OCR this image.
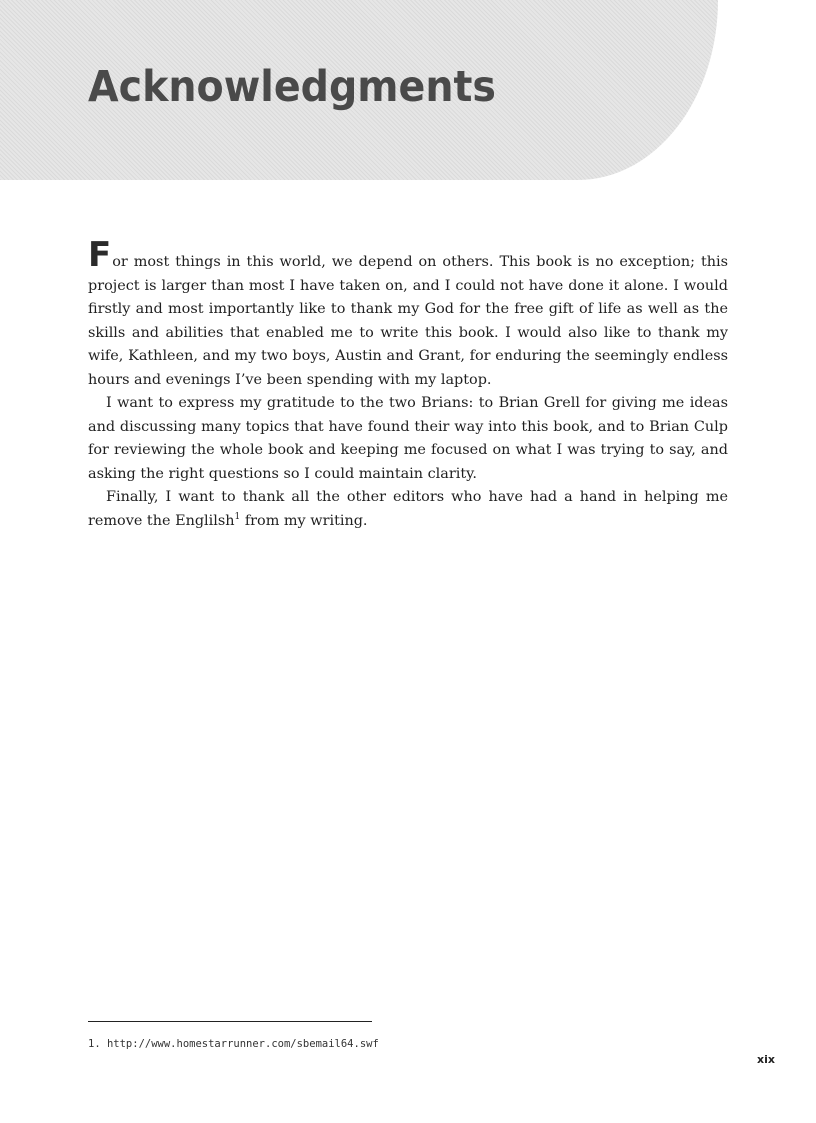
Acknowledgments

For most things in this world, we depend on others. This book is no exception; this project is larger than most I have taken on, and I could not have done it alone. I would firstly and most importantly like to thank my God for the free gift of life as well as the skills and abilities that enabled me to write this book. I would also like to thank my wife, Kathleen, and my two boys, Austin and Grant, for enduring the seemingly endless hours and evenings I’ve been spending with my laptop.

I want to express my gratitude to the two Brians: to Brian Grell for giving me ideas and discussing many topics that have found their way into this book, and to Brian Culp for reviewing the whole book and keeping me focused on what I was trying to say, and asking the right questions so I could maintain clarity.

Finally, I want to thank all the other editors who have had a hand in helping me remove the Englilsh$^1$ from my writing.

1. http://www.homestarrunner.com/sbemail64.swf
xix
